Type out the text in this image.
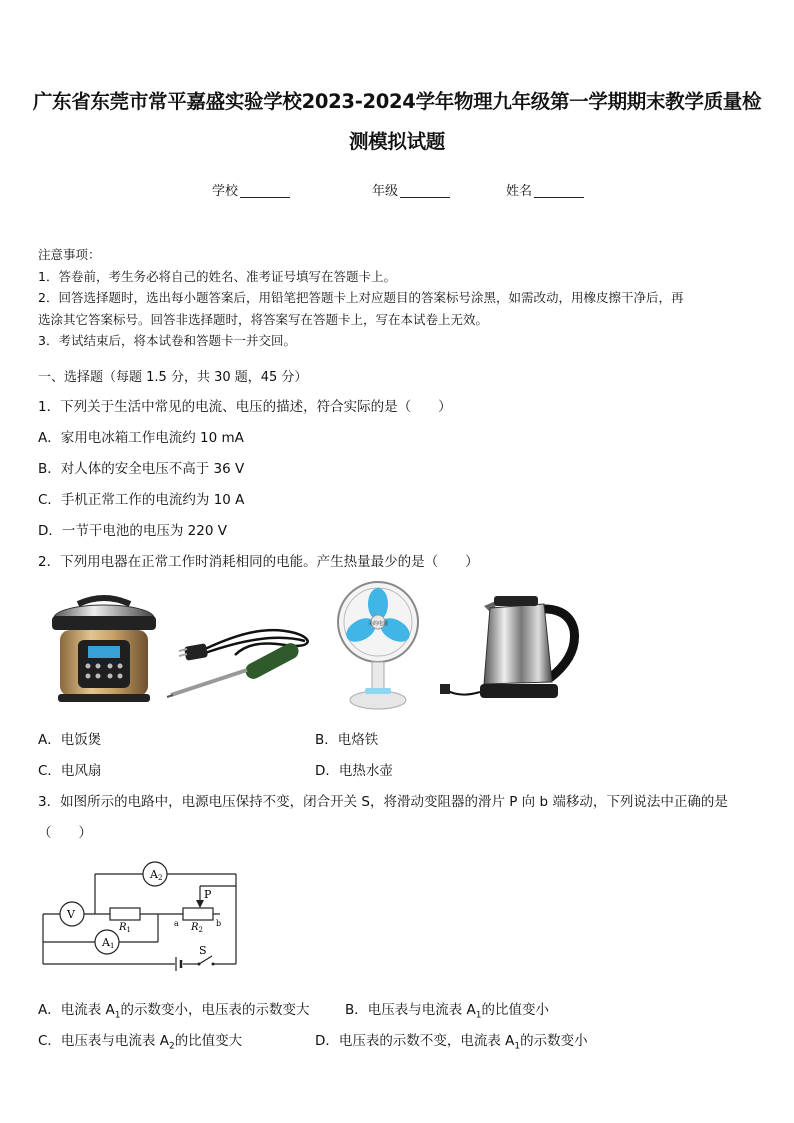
广东省东莞市常平嘉盛实验学校2023-2024学年物理九年级第一学期期末教学质量检
测模拟试题
学校	年级	姓名
注意事项：
1．答卷前，考生务必将自己的姓名、准考证号填写在答题卡上。
2．回答选择题时，选出每小题答案后，用铅笔把答题卡上对应题目的答案标号涂黑，如需改动，用橡皮擦干净后，再
选涂其它答案标号。回答非选择题时，将答案写在答题卡上，写在本试卷上无效。
3．考试结束后，将本试卷和答题卡一并交回。
一、选择题（每题 1.5 分，共 30 题，45 分）
1．下列关于生活中常见的电流、电压的描述，符合实际的是（　　）
A．家用电冰箱工作电流约 10 mA
B．对人体的安全电压不高于 36 V
C．手机正常工作的电流约为 10 A
D．一节干电池的电压为 220 V
2．下列用电器在正常工作时消耗相同的电能。产生热量最少的是（　　）
美的电器
A．电饭煲	B．电烙铁
C．电风扇	D．电热水壶
3．如图所示的电路中，电源电压保持不变，闭合开关 S，将滑动变阻器的滑片 P 向 b 端移动，下列说法中正确的是
（　　）
A2
V
$R_1$
P
$R_2$
a	b
A1	S
A．电流表 $A_1$的示数变小，电压表的示数变大	B．电压表与电流表 $A_1$的比值变小
C．电压表与电流表 $A_2$的比值变大	D．电压表的示数不变，电流表 $A_1$的示数变小
